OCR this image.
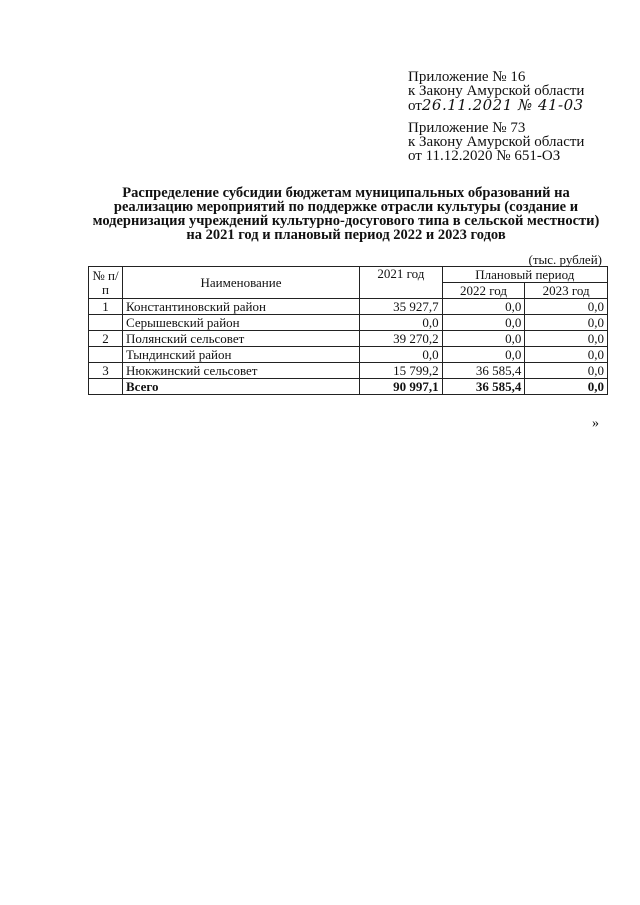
Приложение № 16
к Закону Амурской области
от26.11.2021 № 41-03
Приложение № 73
к Закону Амурской области
от 11.12.2020 № 651-ОЗ
Распределение субсидии бюджетам муниципальных образований на реализацию мероприятий по поддержке отрасли культуры (создание и модернизация учреждений культурно-досугового типа в сельской местности) на 2021 год и плановый период 2022 и 2023 годов
(тыс. рублей)
№ п/п	Наименование	2021 год	Плановый период	
			2022 год	2023 год
1	Константиновский район	35 927,7	0,0	0,0
	Серышевский район	0,0	0,0	0,0
2	Полянский сельсовет	39 270,2	0,0	0,0
	Тындинский район	0,0	0,0	0,0
3	Нюкжинский сельсовет	15 799,2	36 585,4	0,0
	Всего	90 997,1	36 585,4	0,0
»
